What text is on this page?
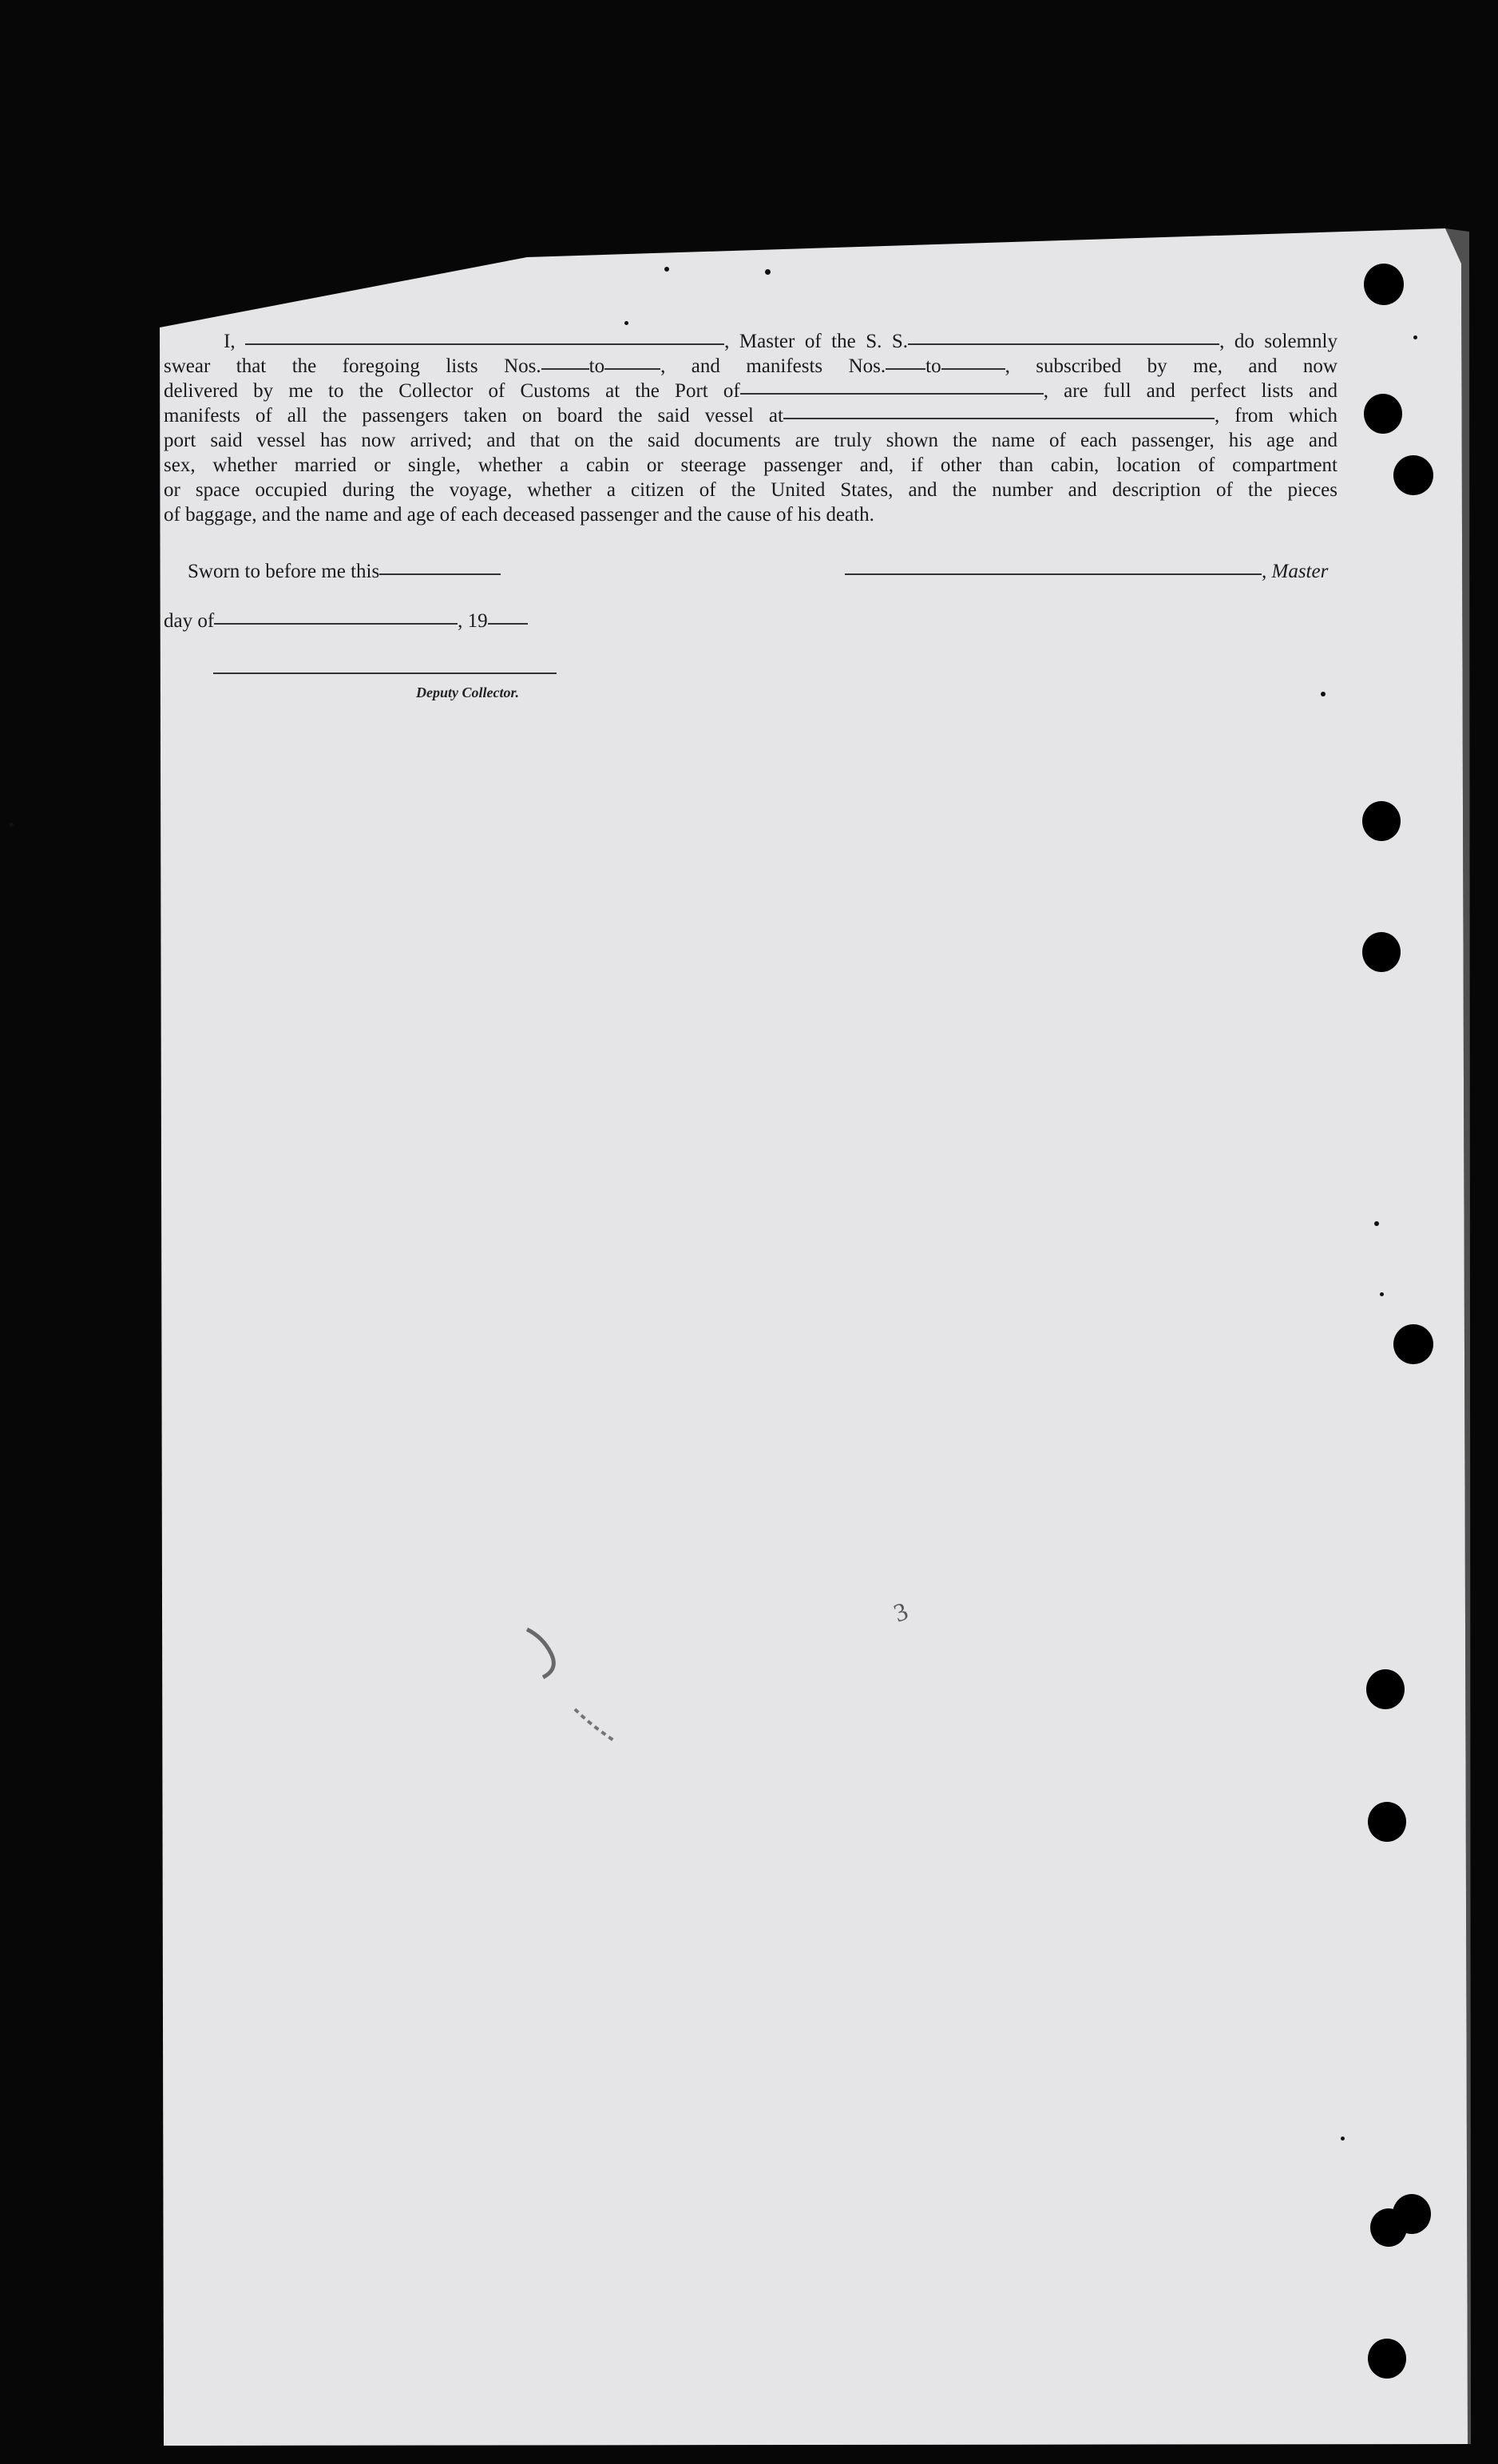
I,	, Master of the S. S.	, do solemnly
swear that the foregoing lists Nos. to	, and manifests Nos. to	, subscribed by me, and now
delivered by me to the Collector of Customs at the Port of	, are full and perfect lists and
manifests of all the passengers taken on board the said vessel at	, from which
port said vessel has now arrived; and that on the said documents are truly shown the name of each passenger, his age and
sex, whether married or single, whether a cabin or steerage passenger and, if other than cabin, location of compartment
or space occupied during the voyage, whether a citizen of the United States, and the number and description of the pieces
of baggage, and the name and age of each deceased passenger and the cause of his death.
Sworn to before me this	, Master
day of	, 19
Deputy Collector.
3
